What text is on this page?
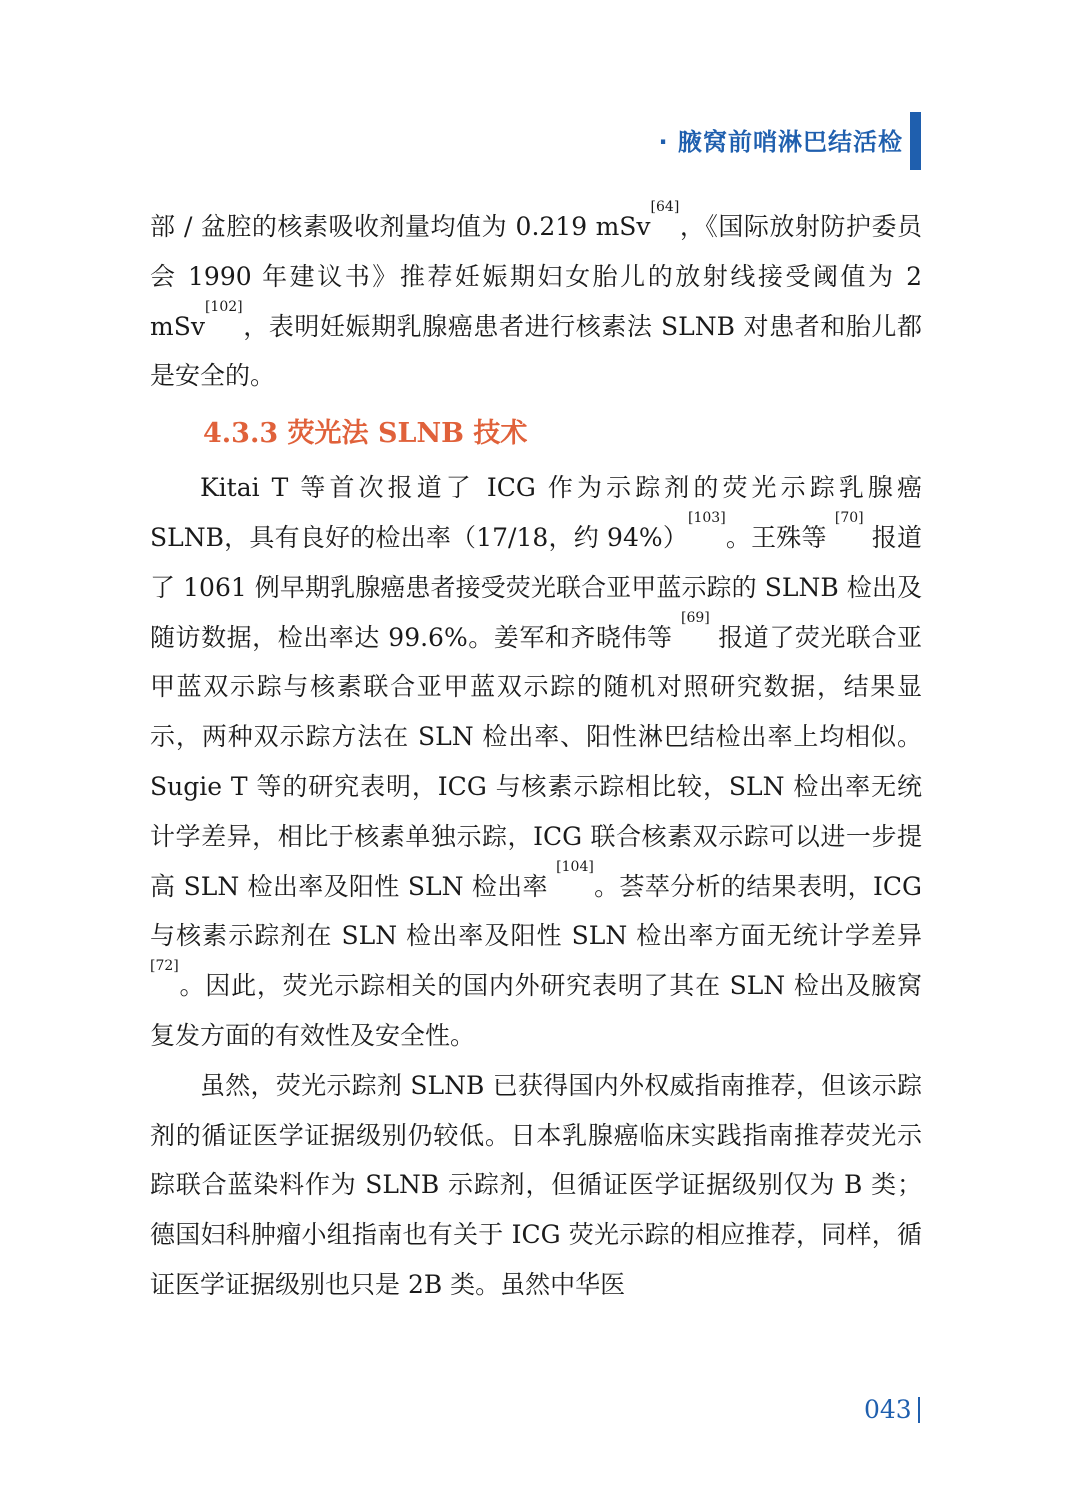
· 腋窝前哨淋巴结活检

部 / 盆腔的核素吸收剂量均值为 0.219 mSv[64]，《国际放射防护委员会 1990 年建议书》推荐妊娠期妇女胎儿的放射线接受阈值为 2 mSv[102]，表明妊娠期乳腺癌患者进行核素法 SLNB 对患者和胎儿都是安全的。

4.3.3 荧光法 SLNB 技术

Kitai T 等首次报道了 ICG 作为示踪剂的荧光示踪乳腺癌 SLNB，具有良好的检出率（17/18，约 94%）[103]。王殊等 [70] 报道了 1061 例早期乳腺癌患者接受荧光联合亚甲蓝示踪的 SLNB 检出及随访数据，检出率达 99.6%。姜军和齐晓伟等 [69] 报道了荧光联合亚甲蓝双示踪与核素联合亚甲蓝双示踪的随机对照研究数据，结果显示，两种双示踪方法在 SLN 检出率、阳性淋巴结检出率上均相似。Sugie T 等的研究表明，ICG 与核素示踪相比较，SLN 检出率无统计学差异，相比于核素单独示踪，ICG 联合核素双示踪可以进一步提高 SLN 检出率及阳性 SLN 检出率 [104]。荟萃分析的结果表明，ICG 与核素示踪剂在 SLN 检出率及阳性 SLN 检出率方面无统计学差异 [72]。因此，荧光示踪相关的国内外研究表明了其在 SLN 检出及腋窝复发方面的有效性及安全性。

虽然，荧光示踪剂 SLNB 已获得国内外权威指南推荐，但该示踪剂的循证医学证据级别仍较低。日本乳腺癌临床实践指南推荐荧光示踪联合蓝染料作为 SLNB 示踪剂，但循证医学证据级别仅为 B 类；德国妇科肿瘤小组指南也有关于 ICG 荧光示踪的相应推荐，同样，循证医学证据级别也只是 2B 类。虽然中华医

043
